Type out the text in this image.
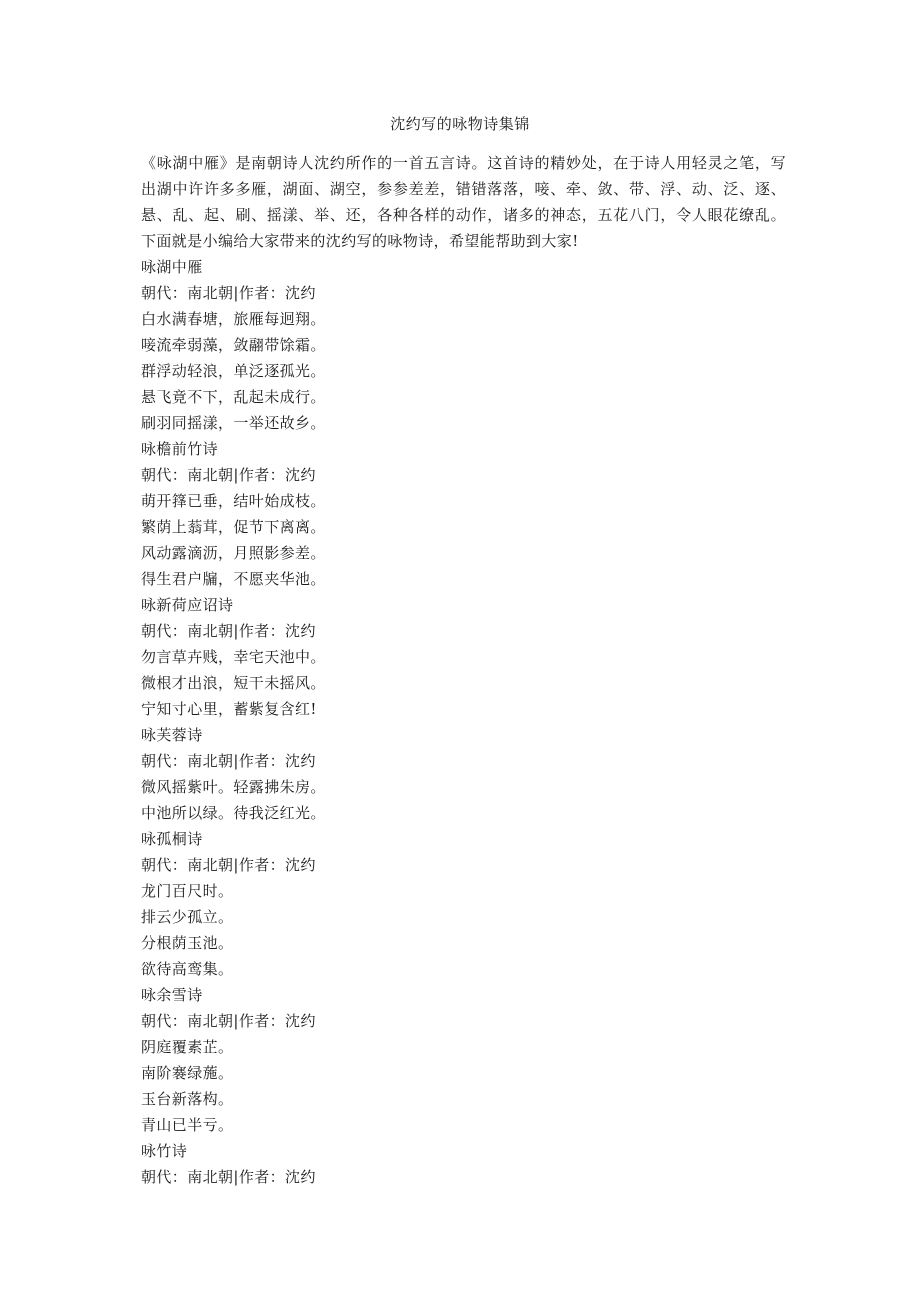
沈约写的咏物诗集锦
《咏湖中雁》是南朝诗人沈约所作的一首五言诗。这首诗的精妙处，在于诗人用轻灵之笔，写出湖中许许多多雁，湖面、湖空，参参差差，错错落落，唼、牵、敛、带、浮、动、泛、逐、悬、乱、起、刷、摇漾、举、还，各种各样的动作，诸多的神态，五花八门，令人眼花缭乱。下面就是小编给大家带来的沈约写的咏物诗，希望能帮助到大家!
咏湖中雁
朝代：南北朝|作者：沈约
白水满春塘，旅雁每迥翔。
唼流牵弱藻，敛翮带馀霜。
群浮动轻浪，单泛逐孤光。
悬飞竟不下，乱起未成行。
刷羽同摇漾，一举还故乡。
咏檐前竹诗
朝代：南北朝|作者：沈约
萌开箨已垂，结叶始成枝。
繁荫上蓊茸，促节下离离。
风动露滴沥，月照影参差。
得生君户牖，不愿夹华池。
咏新荷应诏诗
朝代：南北朝|作者：沈约
勿言草卉贱，幸宅天池中。
微根才出浪，短干未摇风。
宁知寸心里，蓄紫复含红!
咏芙蓉诗
朝代：南北朝|作者：沈约
微风摇紫叶。轻露拂朱房。
中池所以绿。待我泛红光。
咏孤桐诗
朝代：南北朝|作者：沈约
龙门百尺时。
排云少孤立。
分根荫玉池。
欲待高鸾集。
咏余雪诗
朝代：南北朝|作者：沈约
阴庭覆素芷。
南阶褰绿葹。
玉台新落构。
青山已半亏。
咏竹诗
朝代：南北朝|作者：沈约
